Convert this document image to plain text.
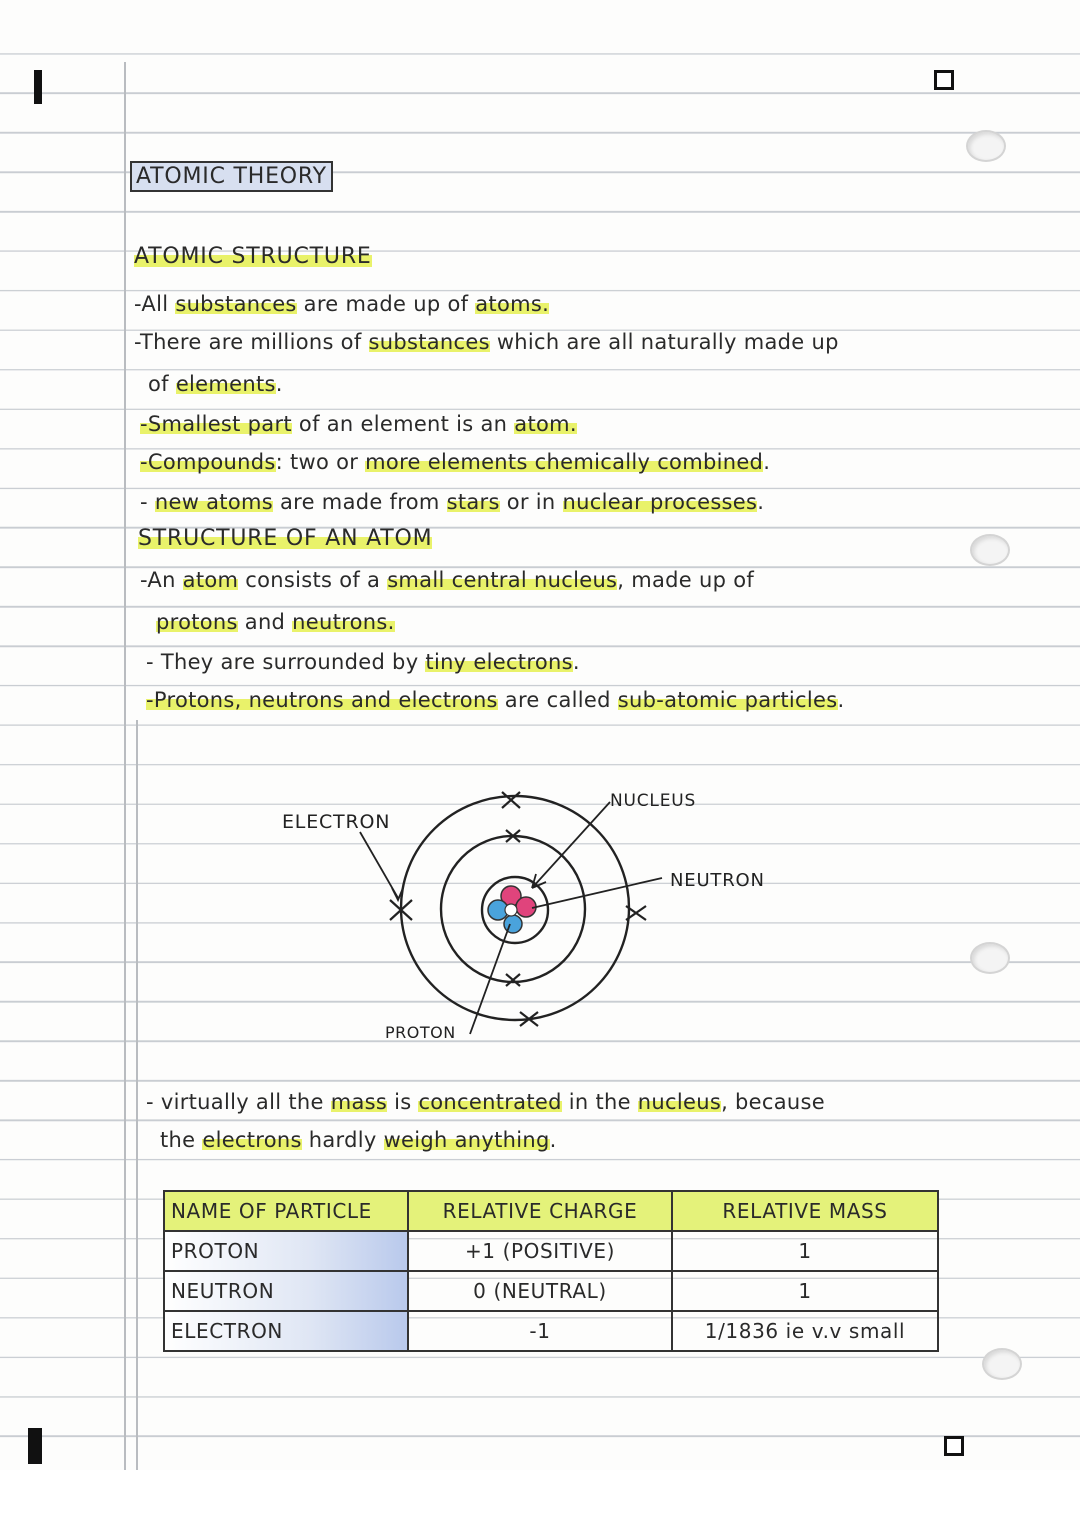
ATOMIC THEORY
ATOMIC STRUCTURE
-All substances are made up of atoms.
-There are millions of substances which are all naturally made up
of elements.
-Smallest part of an element is an atom.
-Compounds: two or more elements chemically combined.
- new atoms are made from stars or in nuclear processes.
STRUCTURE OF AN ATOM
-An atom consists of a small central nucleus, made up of
protons and neutrons.
- They are surrounded by tiny electrons.
-Protons, neutrons and electrons are called sub-atomic particles.
ELECTRON
NUCLEUS
NEUTRON
PROTON
- virtually all the mass is concentrated in the nucleus, because
the electrons hardly weigh anything.
NAME OF PARTICLE	RELATIVE CHARGE	RELATIVE MASS
PROTON	+1 (POSITIVE)	1
NEUTRON	0 (NEUTRAL)	1
ELECTRON	-1	1/1836 ie v.v small
